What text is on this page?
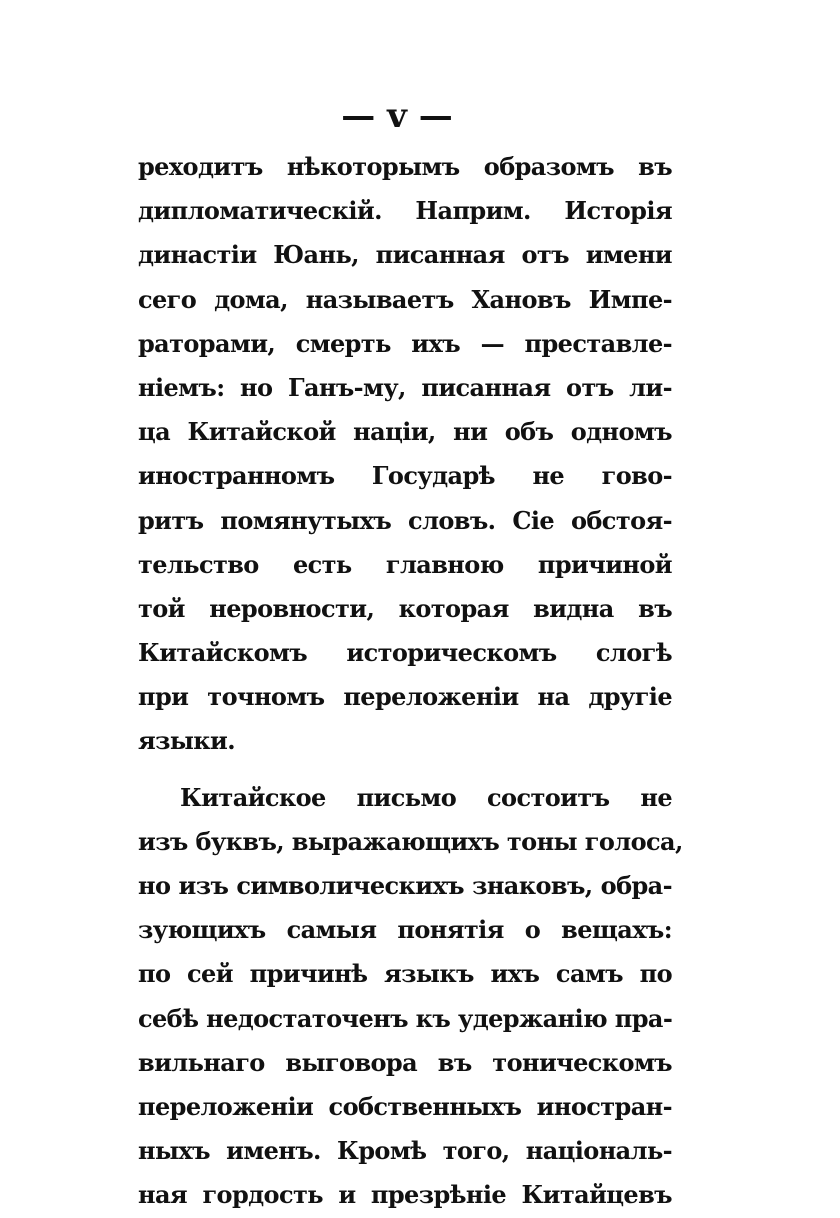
— v —
реходитъ нѣкоторымъ образомъ въ
дипломатическій. Наприм. Исторія
династіи Юань, писанная отъ имени
сего дома, называетъ Хановъ Импе-
раторами, смерть ихъ — преставле-
ніемъ: но Ганъ-му, писанная отъ ли-
ца Китайской націи, ни объ одномъ
иностранномъ Государѣ не гово-
ритъ помянутыхъ словъ. Сіе обстоя-
тельство есть главною причиной
той неровности, которая видна въ
Китайскомъ историческомъ слогѣ
при точномъ переложеніи на другіе
языки.
Китайское письмо состоитъ не
изъ буквъ, выражающихъ тоны голоса,
но изъ символическихъ знаковъ, обра-
зующихъ самыя понятія о вещахъ:
по сей причинѣ языкъ ихъ самъ по
себѣ недостаточенъ къ удержанію пра-
вильнаго выговора въ тоническомъ
переложеніи собственныхъ иностран-
ныхъ именъ. Кромѣ того, національ-
ная гордость и презрѣніе Китайцевъ
